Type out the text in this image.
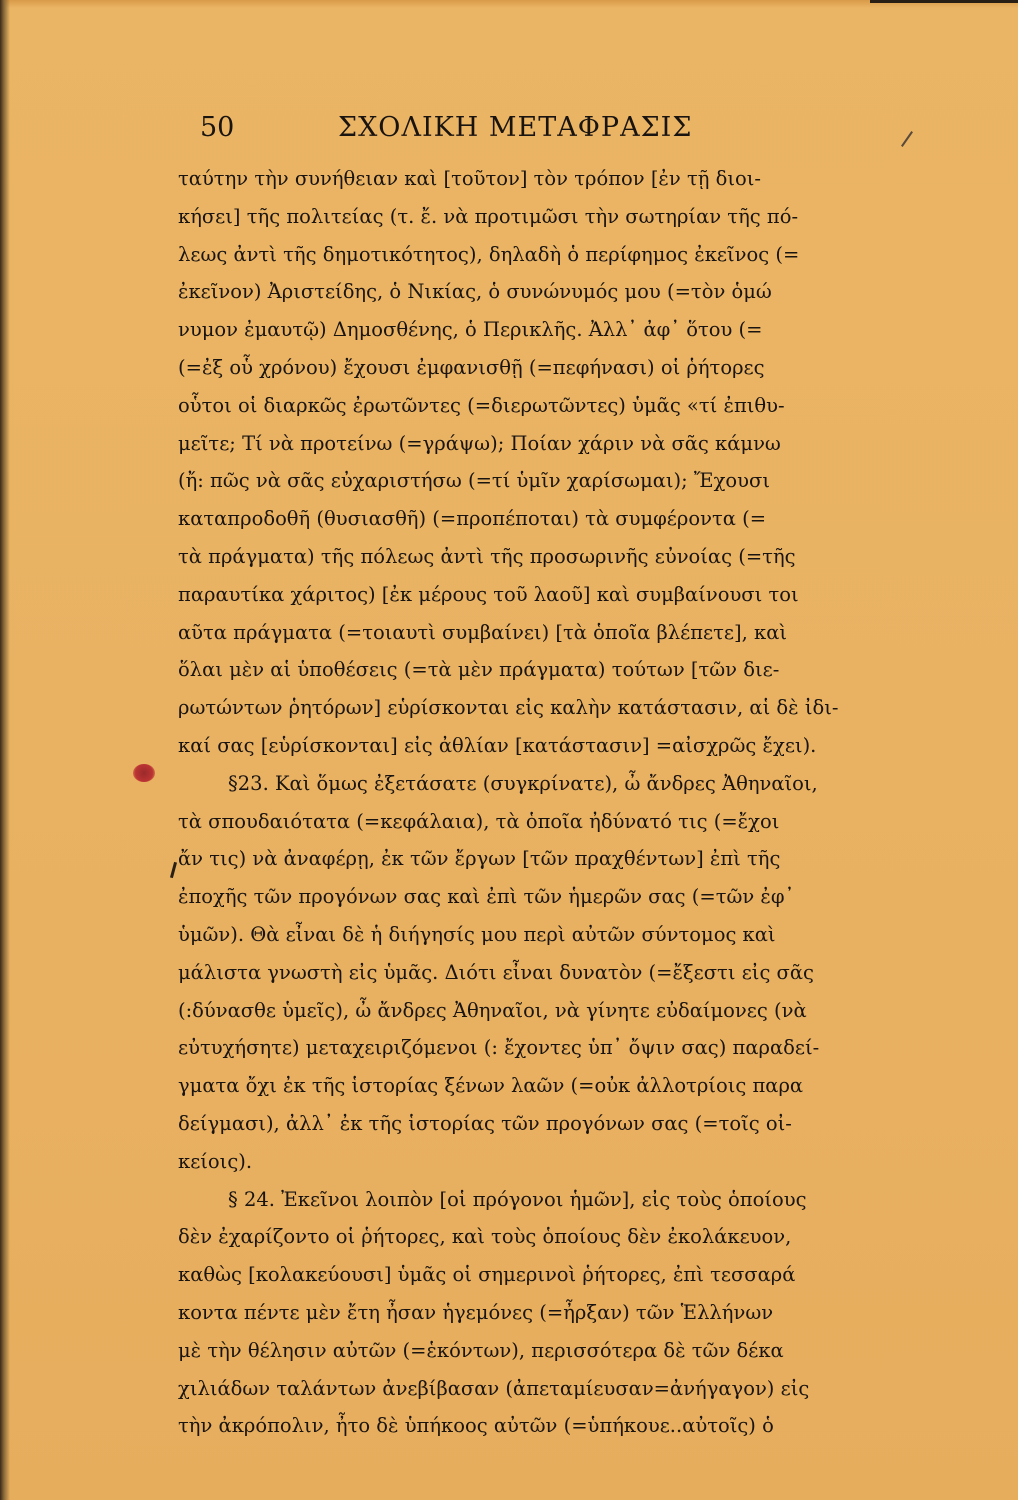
50	ΣΧΟΛΙΚΗ ΜΕΤΑΦΡΑΣΙΣ
ταύτην τὴν συνήθειαν καὶ [τοῦτον] τὸν τρόπον [ἐν τῇ διοι-
κήσει] τῆς πολιτείας (τ. ἔ. νὰ προτιμῶσι τὴν σωτηρίαν τῆς πό-
λεως ἀντὶ τῆς δημοτικότητος), δηλαδὴ ὁ περίφημος ἐκεῖνος (=
ἐκεῖνον) Ἀριστείδης, ὁ Νικίας, ὁ συνώνυμός μου (=τὸν ὁμώ
νυμον ἐμαυτῷ) Δημοσθένης, ὁ Περικλῆς. Ἀλλ᾽ ἀφ᾽ ὅτου (=
(=ἐξ οὗ χρόνου) ἔχουσι ἐμφανισθῇ (=πεφήνασι) οἱ ῥήτορες
οὗτοι οἱ διαρκῶς ἐρωτῶντες (=διερωτῶντες) ὑμᾶς «τί ἐπιθυ-
μεῖτε; Τί νὰ προτείνω (=γράψω); Ποίαν χάριν νὰ σᾶς κάμνω
(ἤ: πῶς νὰ σᾶς εὐχαριστήσω (=τί ὑμῖν χαρίσωμαι); Ἔχουσι
καταπροδοθῆ (θυσιασθῆ) (=προπέποται) τὰ συμφέροντα (=
τὰ πράγματα) τῆς πόλεως ἀντὶ τῆς προσωρινῆς εὐνοίας (=τῆς
παραυτίκα χάριτος) [ἐκ μέρους τοῦ λαοῦ] καὶ συμβαίνουσι τοι
αῦτα πράγματα (=τοιαυτὶ συμβαίνει) [τὰ ὁποῖα βλέπετε], καὶ
ὅλαι μὲν αἱ ὑποθέσεις (=τὰ μὲν πράγματα) τούτων [τῶν διε-
ρωτώντων ῥητόρων] εὑρίσκονται εἰς καλὴν κατάστασιν, αἱ δὲ ἰδι-
καί σας [εὑρίσκονται] εἰς ἀθλίαν [κατάστασιν] =αἰσχρῶς ἔχει).
§23. Καὶ ὅμως ἐξετάσατε (συγκρίνατε), ὦ ἄνδρες Ἀθηναῖοι,
τὰ σπουδαιότατα (=κεφάλαια), τὰ ὁποῖα ἠδύνατό τις (=ἔχοι
ἄν τις) νὰ ἀναφέρῃ, ἐκ τῶν ἔργων [τῶν πραχθέντων] ἐπὶ τῆς
ἐποχῆς τῶν προγόνων σας καὶ ἐπὶ τῶν ἡμερῶν σας (=τῶν ἐφ᾽
ὑμῶν). Θὰ εἶναι δὲ ἡ διήγησίς μου περὶ αὐτῶν σύντομος καὶ
μάλιστα γνωστὴ εἰς ὑμᾶς. Διότι εἶναι δυνατὸν (=ἔξεστι εἰς σᾶς
(:δύνασθε ὑμεῖς), ὦ ἄνδρες Ἀθηναῖοι, νὰ γίνητε εὐδαίμονες (νὰ
εὐτυχήσητε) μεταχειριζόμενοι (: ἔχοντες ὑπ᾽ ὄψιν σας) παραδεί-
γματα ὄχι ἐκ τῆς ἱστορίας ξένων λαῶν (=οὐκ ἀλλοτρίοις παρα
δείγμασι), ἀλλ᾽ ἐκ τῆς ἱστορίας τῶν προγόνων σας (=τοῖς οἰ-
κείοις).
§ 24. Ἐκεῖνοι λοιπὸν [οἱ πρόγονοι ἡμῶν], εἰς τοὺς ὁποίους
δὲν ἐχαρίζοντο οἱ ῥήτορες, καὶ τοὺς ὁποίους δὲν ἐκολάκευον,
καθὼς [κολακεύουσι] ὑμᾶς οἱ σημερινοὶ ῥήτορες, ἐπὶ τεσσαρά
κοντα πέντε μὲν ἔτη ἦσαν ἡγεμόνες (=ἦρξαν) τῶν Ἑλλήνων
μὲ τὴν θέλησιν αὐτῶν (=ἑκόντων), περισσότερα δὲ τῶν δέκα
χιλιάδων ταλάντων ἀνεβίβασαν (ἀπεταμίευσαν=ἀνήγαγον) εἰς
τὴν ἀκρόπολιν, ἦτο δὲ ὑπήκοος αὐτῶν (=ὑπήκουε..αὐτοῖς) ὁ
